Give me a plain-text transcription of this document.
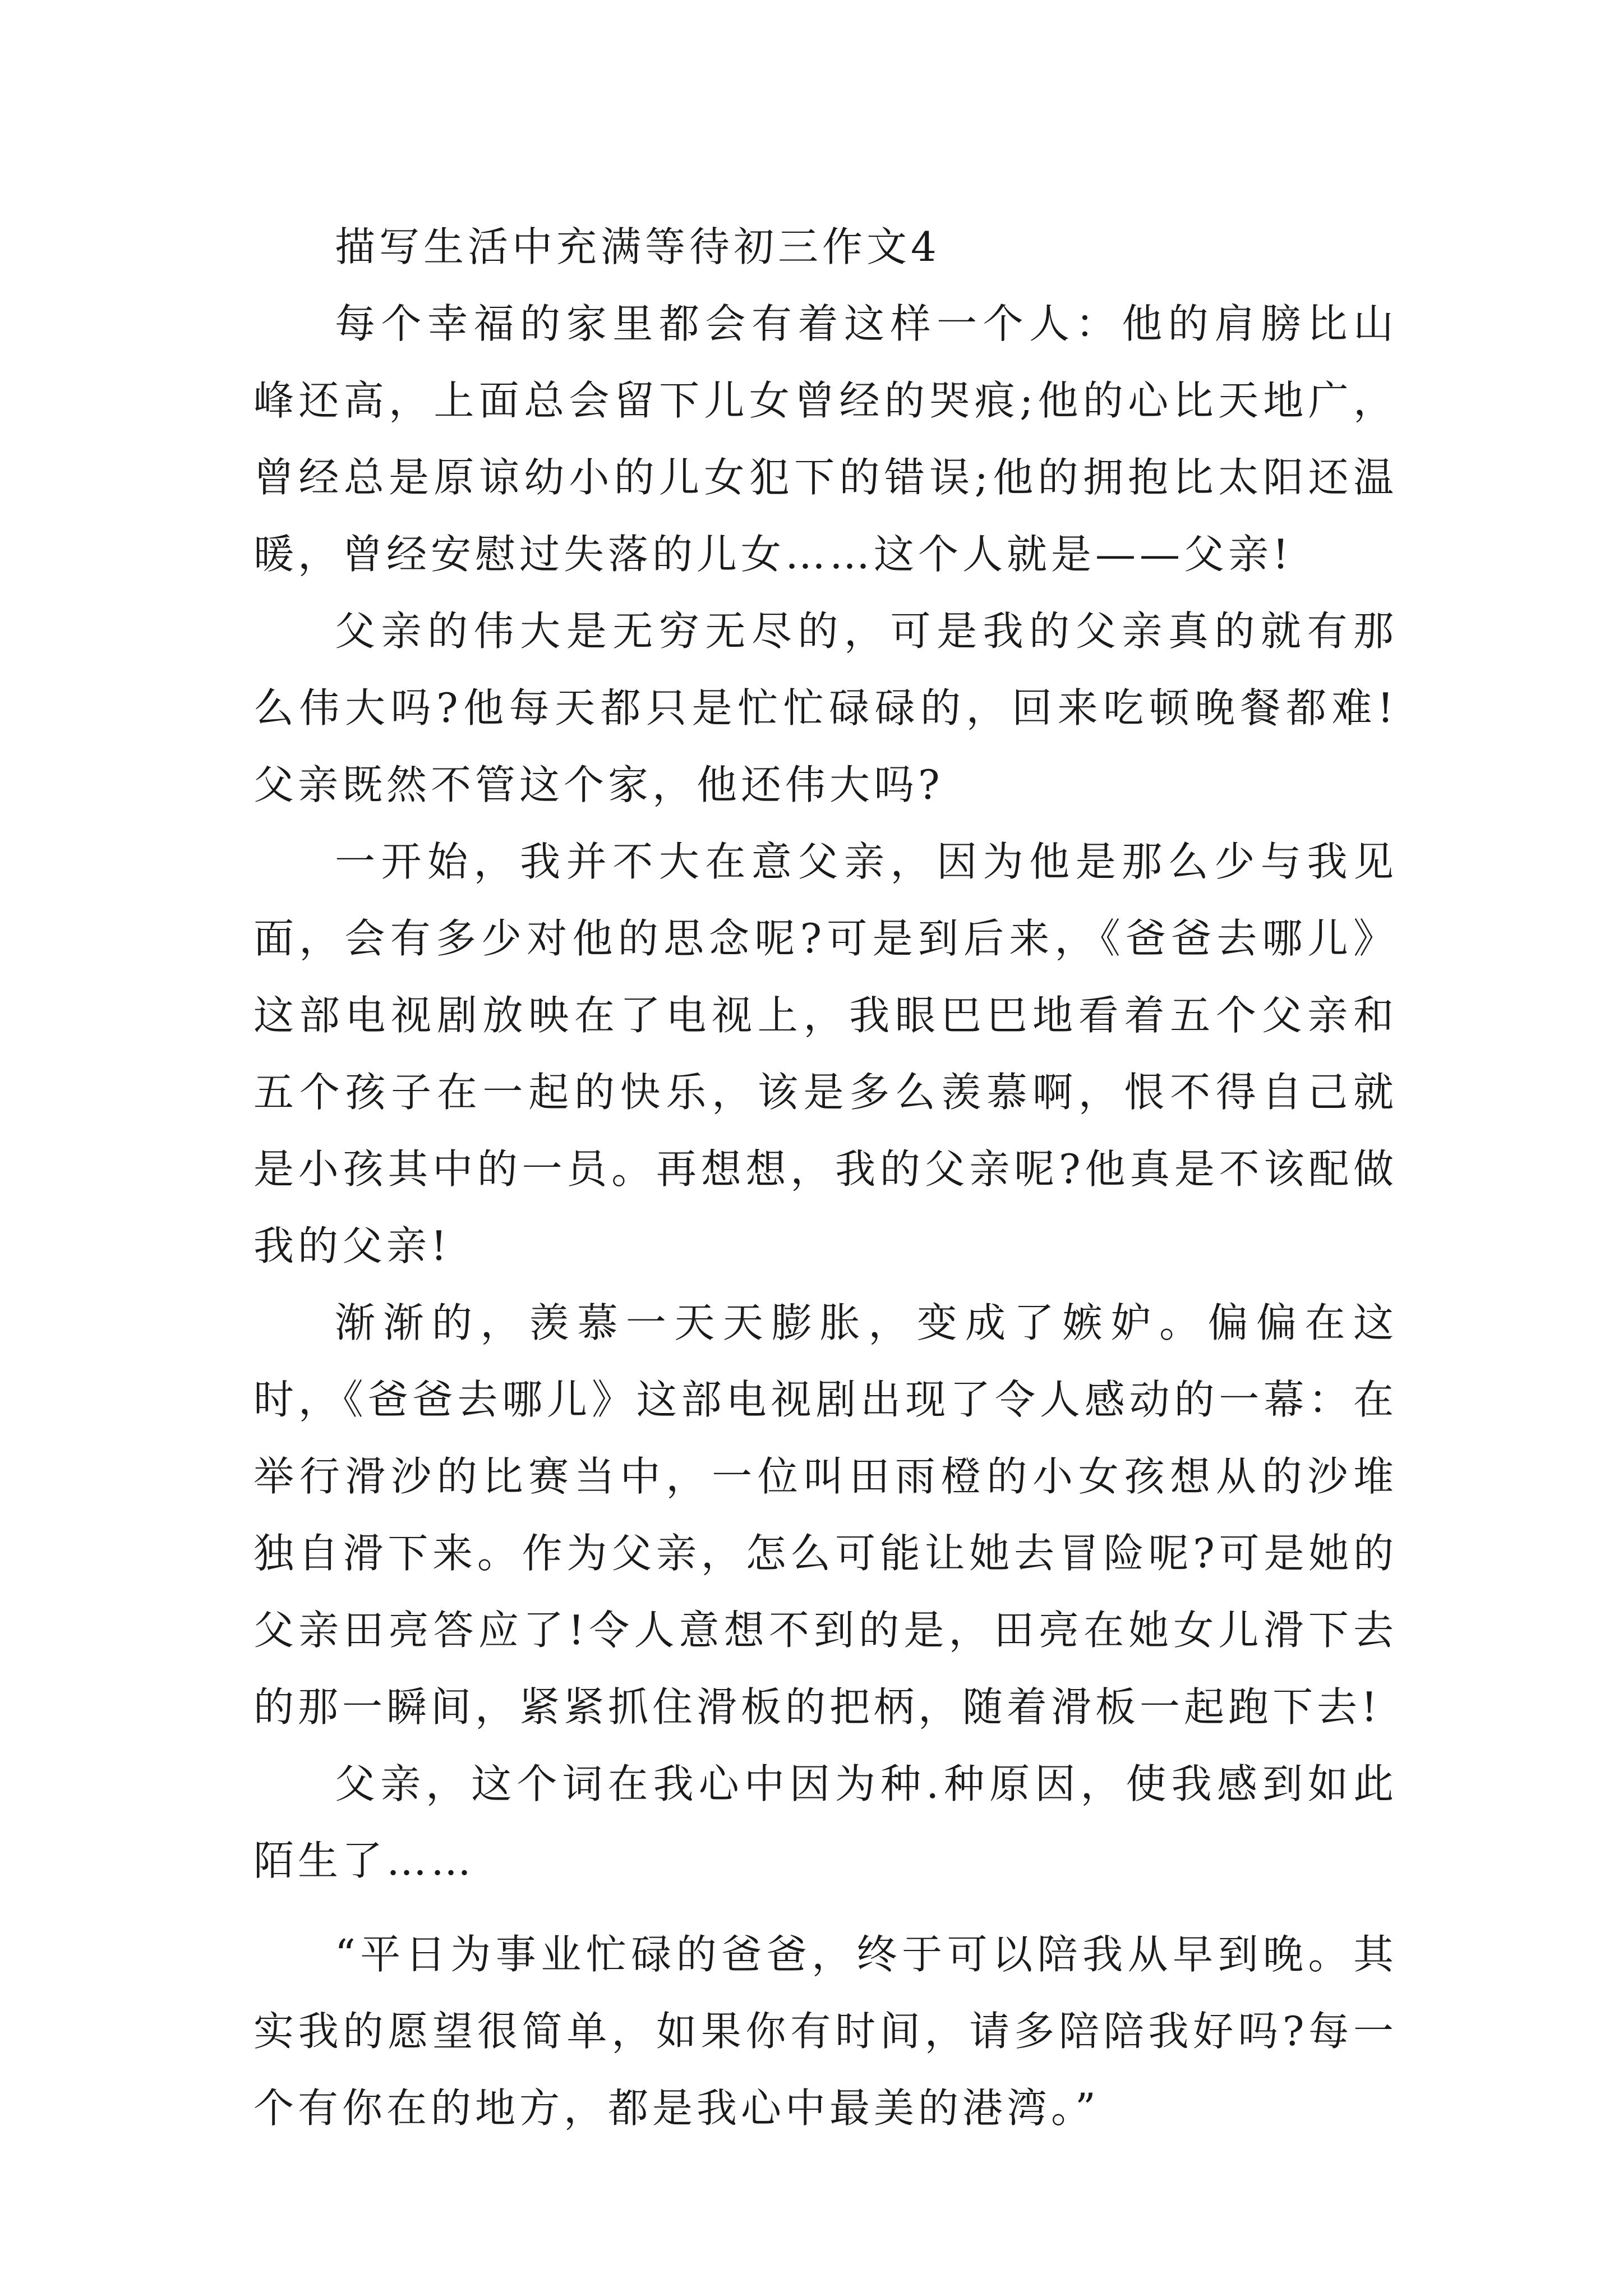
描写生活中充满等待初三作文4

每个幸福的家里都会有着这样一个人：他的肩膀比山峰还高，上面总会留下儿女曾经的哭痕;他的心比天地广，曾经总是原谅幼小的儿女犯下的错误;他的拥抱比太阳还温暖，曾经安慰过失落的儿女……这个人就是——父亲!

父亲的伟大是无穷无尽的，可是我的父亲真的就有那么伟大吗?他每天都只是忙忙碌碌的，回来吃顿晚餐都难!父亲既然不管这个家，他还伟大吗?

一开始，我并不大在意父亲，因为他是那么少与我见面，会有多少对他的思念呢?可是到后来，《爸爸去哪儿》这部电视剧放映在了电视上，我眼巴巴地看着五个父亲和五个孩子在一起的快乐，该是多么羡慕啊，恨不得自己就是小孩其中的一员。再想想，我的父亲呢?他真是不该配做我的父亲!

渐渐的，羡慕一天天膨胀，变成了嫉妒。偏偏在这时，《爸爸去哪儿》这部电视剧出现了令人感动的一幕：在举行滑沙的比赛当中，一位叫田雨橙的小女孩想从的沙堆独自滑下来。作为父亲，怎么可能让她去冒险呢?可是她的父亲田亮答应了!令人意想不到的是，田亮在她女儿滑下去的那一瞬间，紧紧抓住滑板的把柄，随着滑板一起跑下去!

父亲，这个词在我心中因为种.种原因，使我感到如此陌生了……

“平日为事业忙碌的爸爸，终于可以陪我从早到晚。其实我的愿望很简单，如果你有时间，请多陪陪我好吗?每一个有你在的地方，都是我心中最美的港湾。”
